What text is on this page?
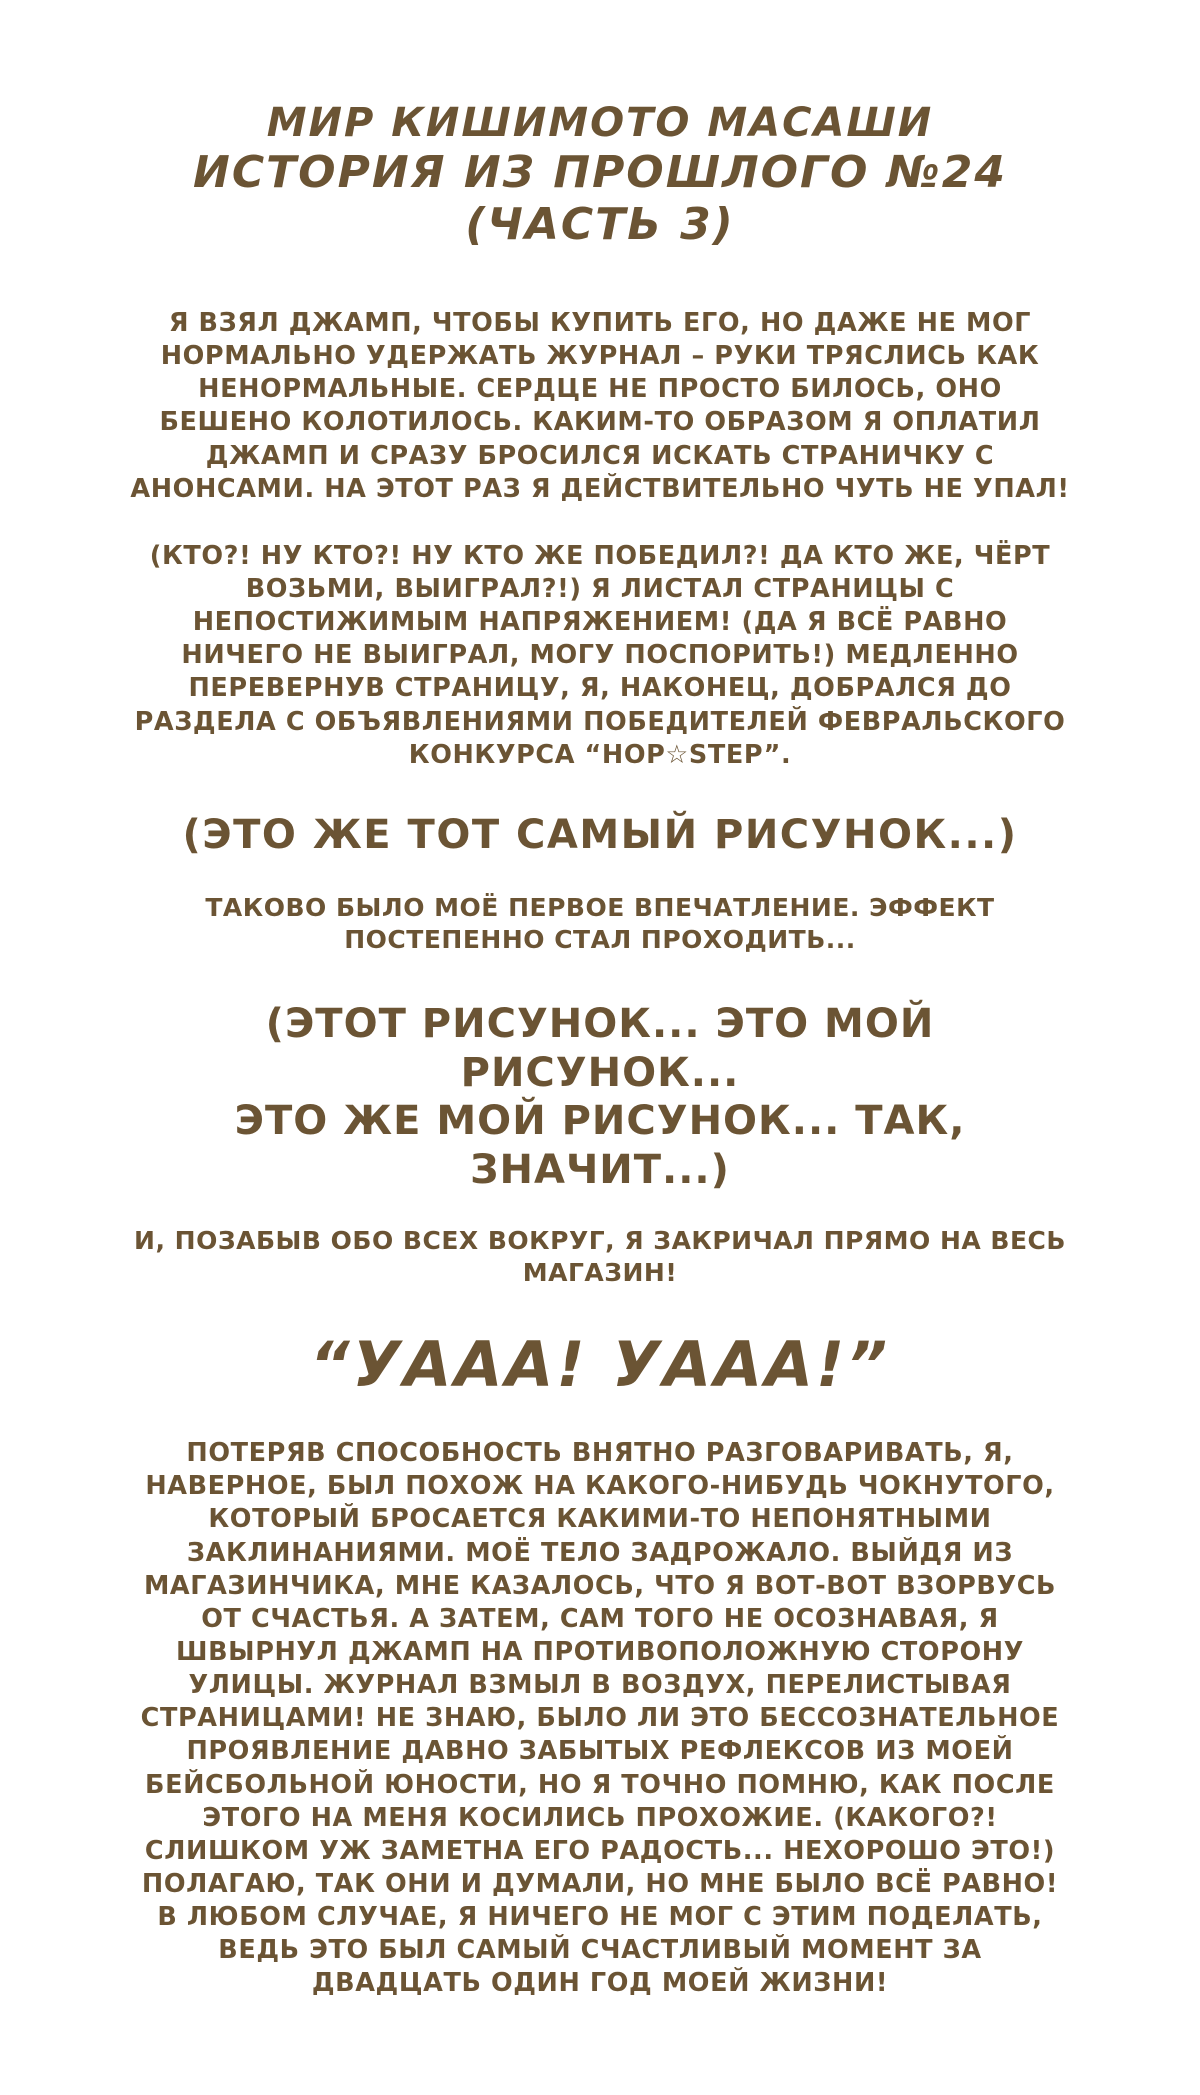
МИР КИШИМОТО МАСАШИ
ИСТОРИЯ ИЗ ПРОШЛОГО №24 (ЧАСТЬ 3)

Я ВЗЯЛ ДЖАМП, ЧТОБЫ КУПИТЬ ЕГО, НО ДАЖЕ НЕ МОГ НОРМАЛЬНО УДЕРЖАТЬ ЖУРНАЛ – РУКИ ТРЯСЛИСЬ КАК НЕНОРМАЛЬНЫЕ. СЕРДЦЕ НЕ ПРОСТО БИЛОСЬ, ОНО БЕШЕНО КОЛОТИЛОСЬ. КАКИМ-ТО ОБРАЗОМ Я ОПЛАТИЛ ДЖАМП И СРАЗУ БРОСИЛСЯ ИСКАТЬ СТРАНИЧКУ С АНОНСАМИ. НА ЭТОТ РАЗ Я ДЕЙСТВИТЕЛЬНО ЧУТЬ НЕ УПАЛ!

(КТО?! НУ КТО?! НУ КТО ЖЕ ПОБЕДИЛ?! ДА КТО ЖЕ, ЧЁРТ ВОЗЬМИ, ВЫИГРАЛ?!) Я ЛИСТАЛ СТРАНИЦЫ С НЕПОСТИЖИМЫМ НАПРЯЖЕНИЕМ! (ДА Я ВСЁ РАВНО НИЧЕГО НЕ ВЫИГРАЛ, МОГУ ПОСПОРИТЬ!) МЕДЛЕННО ПЕРЕВЕРНУВ СТРАНИЦУ, Я, НАКОНЕЦ, ДОБРАЛСЯ ДО РАЗДЕЛА С ОБЪЯВЛЕНИЯМИ ПОБЕДИТЕЛЕЙ ФЕВРАЛЬСКОГО КОНКУРСА “HOP☆STEP”.

(ЭТО ЖЕ ТОТ САМЫЙ РИСУНОК...)

ТАКОВО БЫЛО МОЁ ПЕРВОЕ ВПЕЧАТЛЕНИЕ. ЭФФЕКТ ПОСТЕПЕННО СТАЛ ПРОХОДИТЬ...

(ЭТОТ РИСУНОК... ЭТО МОЙ РИСУНОК...
ЭТО ЖЕ МОЙ РИСУНОК... ТАК, ЗНАЧИТ...)

И, ПОЗАБЫВ ОБО ВСЕХ ВОКРУГ, Я ЗАКРИЧАЛ ПРЯМО НА ВЕСЬ МАГАЗИН!

“УААА! УААА!”

ПОТЕРЯВ СПОСОБНОСТЬ ВНЯТНО РАЗГОВАРИВАТЬ, Я, НАВЕРНОЕ, БЫЛ ПОХОЖ НА КАКОГО-НИБУДЬ ЧОКНУТОГО, КОТОРЫЙ БРОСАЕТСЯ КАКИМИ-ТО НЕПОНЯТНЫМИ ЗАКЛИНАНИЯМИ. МОЁ ТЕЛО ЗАДРОЖАЛО. ВЫЙДЯ ИЗ МАГАЗИНЧИКА, МНЕ КАЗАЛОСЬ, ЧТО Я ВОТ-ВОТ ВЗОРВУСЬ ОТ СЧАСТЬЯ. А ЗАТЕМ, САМ ТОГО НЕ ОСОЗНАВАЯ, Я ШВЫРНУЛ ДЖАМП НА ПРОТИВОПОЛОЖНУЮ СТОРОНУ УЛИЦЫ. ЖУРНАЛ ВЗМЫЛ В ВОЗДУХ, ПЕРЕЛИСТЫВАЯ СТРАНИЦАМИ! НЕ ЗНАЮ, БЫЛО ЛИ ЭТО БЕССОЗНАТЕЛЬНОЕ ПРОЯВЛЕНИЕ ДАВНО ЗАБЫТЫХ РЕФЛЕКСОВ ИЗ МОЕЙ БЕЙСБОЛЬНОЙ ЮНОСТИ, НО Я ТОЧНО ПОМНЮ, КАК ПОСЛЕ ЭТОГО НА МЕНЯ КОСИЛИСЬ ПРОХОЖИЕ. (КАКОГО?! СЛИШКОМ УЖ ЗАМЕТНА ЕГО РАДОСТЬ... НЕХОРОШО ЭТО!) ПОЛАГАЮ, ТАК ОНИ И ДУМАЛИ, НО МНЕ БЫЛО ВСЁ РАВНО! В ЛЮБОМ СЛУЧАЕ, Я НИЧЕГО НЕ МОГ С ЭТИМ ПОДЕЛАТЬ, ВЕДЬ ЭТО БЫЛ САМЫЙ СЧАСТЛИВЫЙ МОМЕНТ ЗА ДВАДЦАТЬ ОДИН ГОД МОЕЙ ЖИЗНИ!
